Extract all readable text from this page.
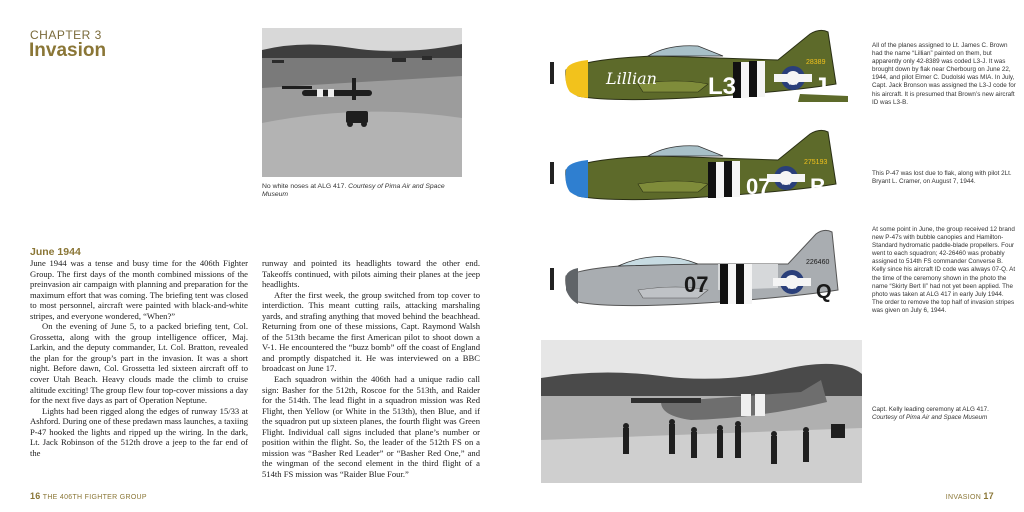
CHAPTER 3
Invasion
No white noses at ALG 417. Courtesy of Pima Air and Space Museum
June 1944

June 1944 was a tense and busy time for the 406th Fighter Group. The first days of the month combined missions of the preinvasion air campaign with planning and preparation for the maximum effort that was coming. The briefing tent was closed to most personnel, aircraft were painted with black-and-white stripes, and everyone wondered, “When?”

On the evening of June 5, to a packed briefing tent, Col. Grossetta, along with the group intelligence officer, Maj. Larkin, and the deputy commander, Lt. Col. Bratton, revealed the plan for the group’s part in the invasion. It was a short night. Before dawn, Col. Grossetta led sixteen aircraft off to cover Utah Beach. Heavy clouds made the climb to cruise altitude exciting! The group flew four top-cover missions a day for the next five days as part of Operation Neptune.

Lights had been rigged along the edges of runway 15/33 at Ashford. During one of these predawn mass launches, a taxiing P-47 hooked the lights and ripped up the wiring. In the dark, Lt. Jack Robinson of the 512th drove a jeep to the far end of the

runway and pointed its headlights toward the other end. Takeoffs continued, with pilots aiming their planes at the jeep headlights.

After the first week, the group switched from top cover to interdiction. This meant cutting rails, attacking marshaling yards, and strafing anything that moved behind the beachhead. Returning from one of these missions, Capt. Raymond Walsh of the 513th became the first American pilot to shoot down a V-1. He encountered the “buzz bomb” off the coast of England and promptly dispatched it. He was interviewed on a BBC broadcast on June 17.

Each squadron within the 406th had a unique radio call sign: Basher for the 512th, Roscoe for the 513th, and Raider for the 514th. The lead flight in a squadron mission was Red Flight, then Yellow (or White in the 513th), then Blue, and if the squadron put up sixteen planes, the fourth flight was Green Flight. Individual call signs included that plane’s number or position within the flight. So, the leader of the 512th FS on a mission was “Basher Red Leader” or “Basher Red One,” and the wingman of the second element in the third flight of a 514th FS mission was “Raider Blue Four.”

Lillian L3	J
28389
All of the planes assigned to Lt. James C. Brown had the name “Lillian” painted on them, but apparently only 42-8389 was coded L3-J. It was brought down by flak near Cherbourg on June 22, 1944, and pilot Elmer C. Dudolski was MIA. In July, Capt. Jack Bronson was assigned the L3-J code for his aircraft. It is presumed that Brown’s new aircraft ID was L3-B.
07 B
275193
This P-47 was lost due to flak, along with pilot 2Lt. Bryant L. Cramer, on August 7, 1944.
07	Q
226460
At some point in June, the group received 12 brand new P-47s with bubble canopies and Hamilton-Standard hydromatic paddle-blade propellers. Four went to each squadron; 42-26460 was probably assigned to 514th FS commander Converse B. Kelly since his aircraft ID code was always 07-Q. At the time of the ceremony shown in the photo the name “Skirty Bert II” had not yet been applied. The photo was taken at ALG 417 in early July 1944. The order to remove the top half of invasion stripes was given on July 6, 1944.
Capt. Kelly leading ceremony at ALG 417.
Courtesy of Pima Air and Space Museum
16 THE 406TH FIGHTER GROUP	INVASION 17
